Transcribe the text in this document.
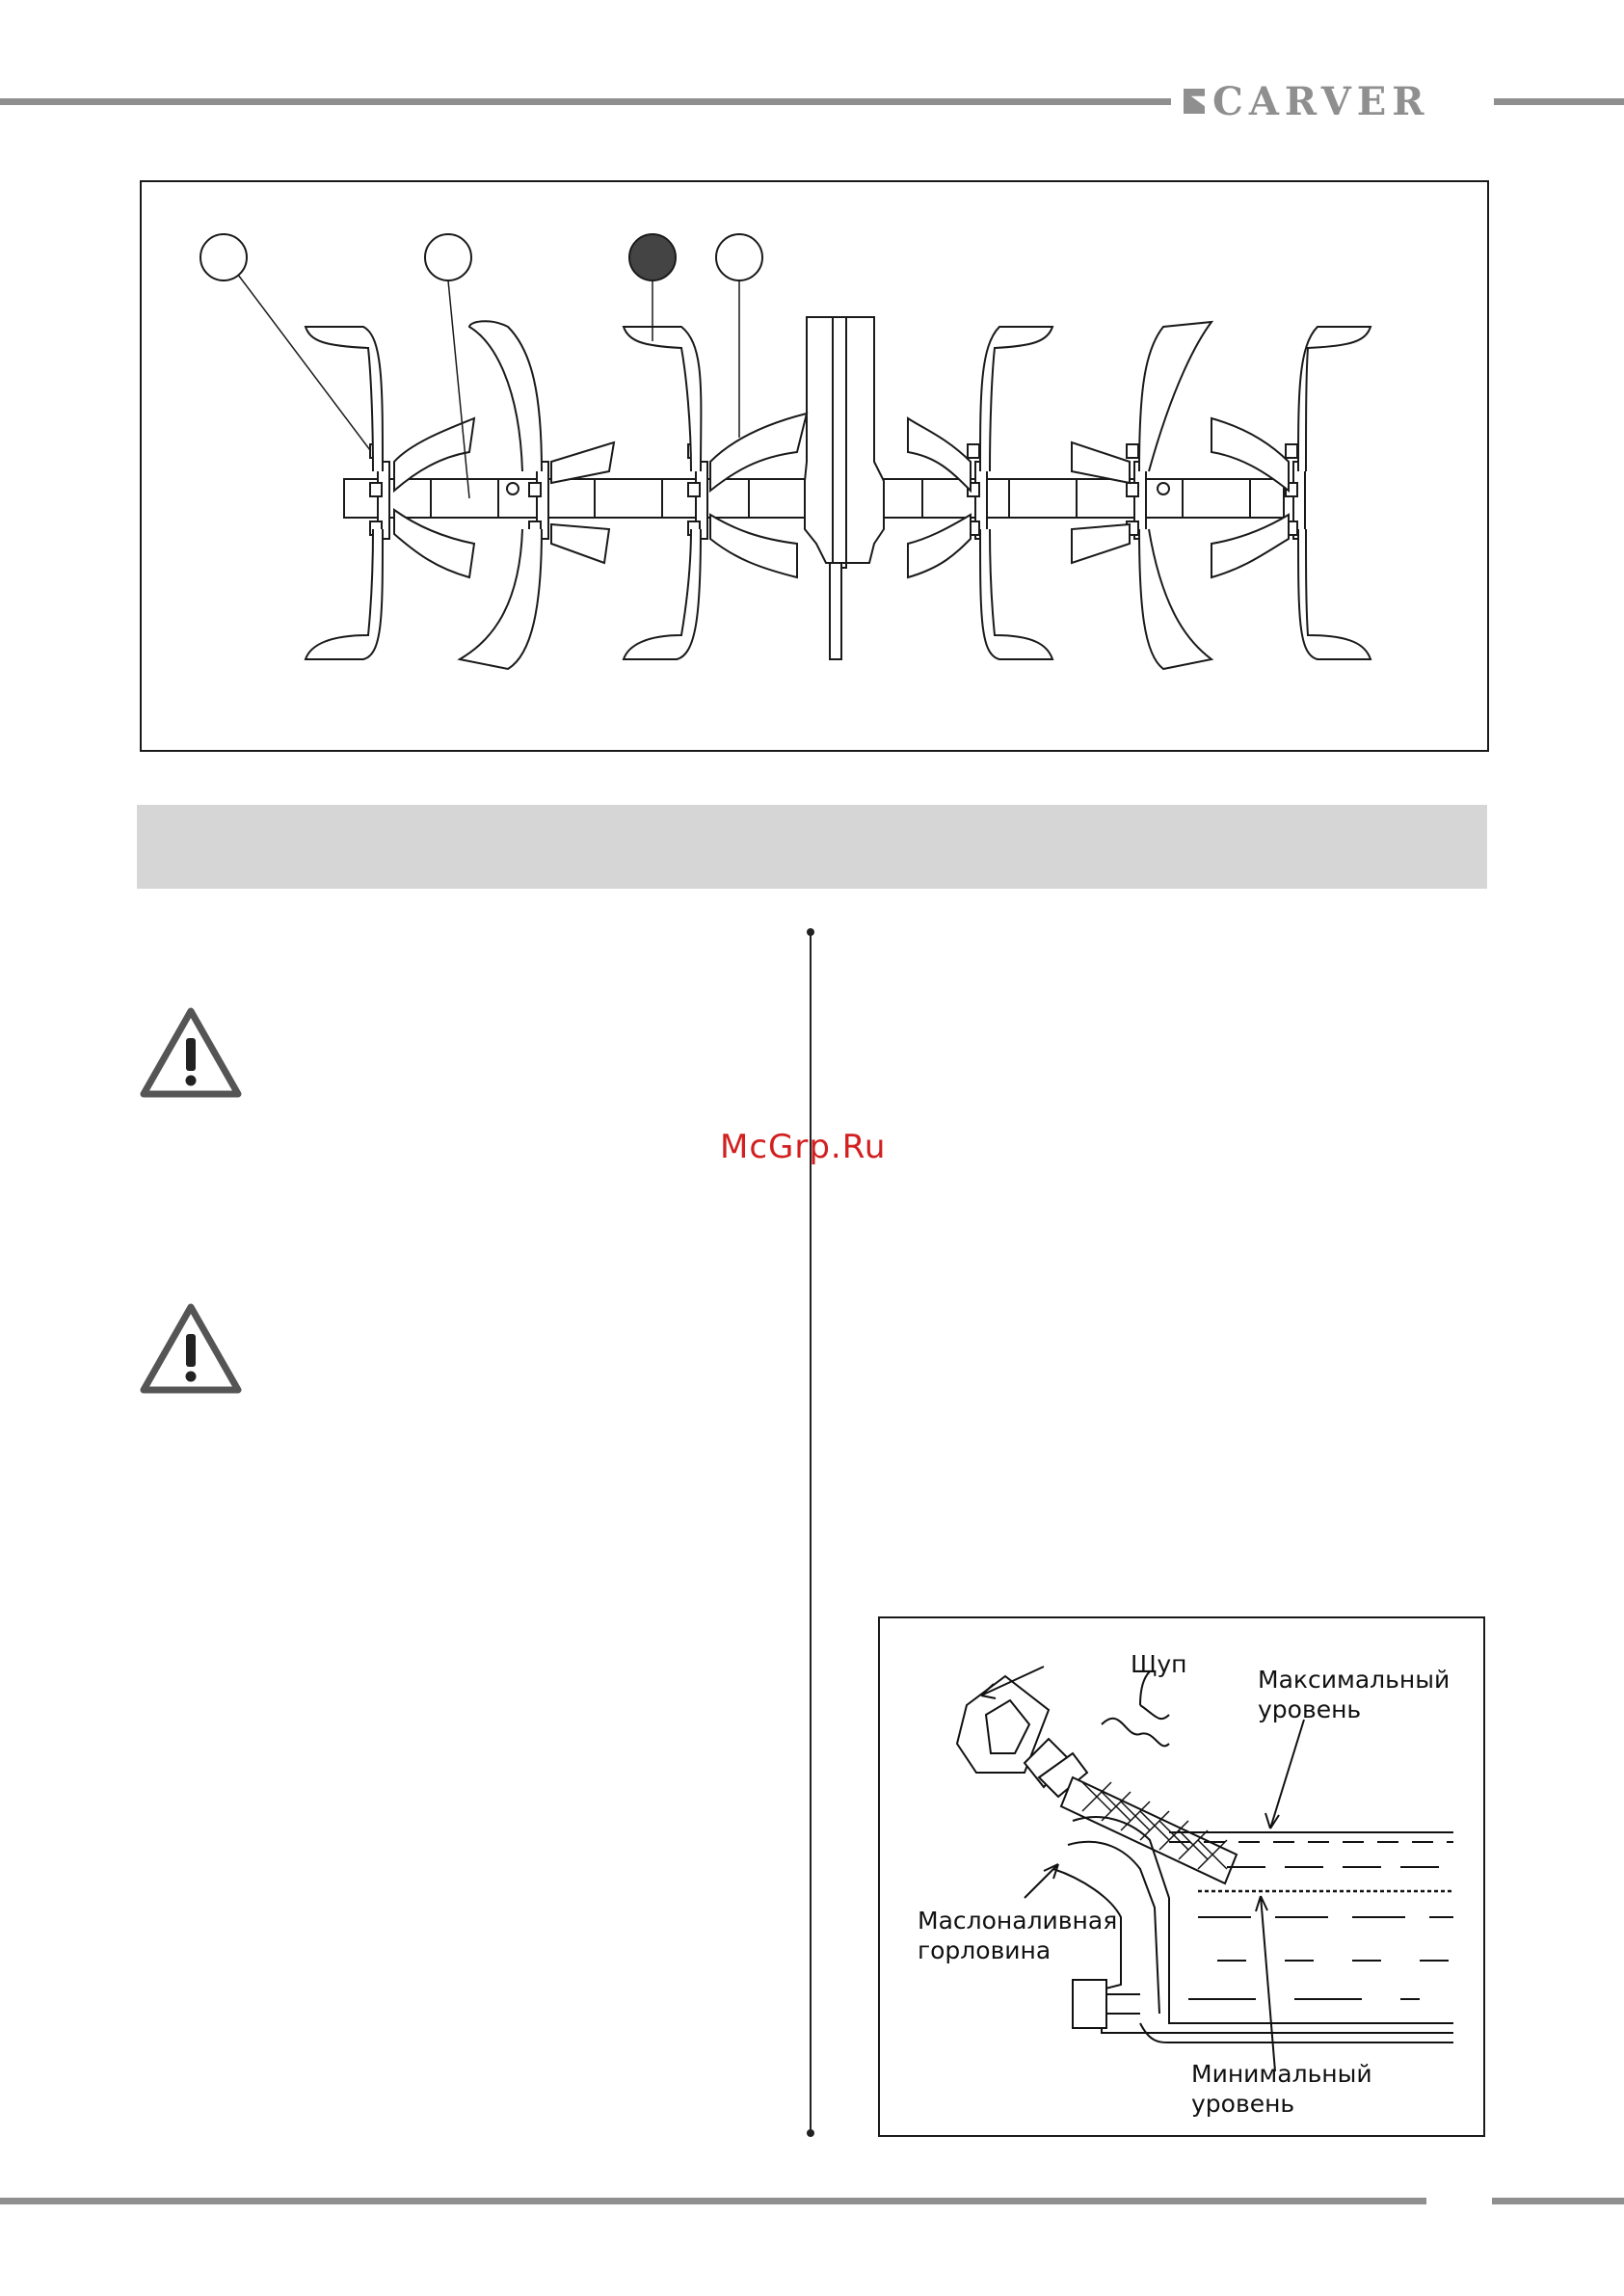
CARVER
McGrp.Ru
Щуп
Максимальный
уровень
Маслоналивная
горловина
Минимальный
уровень
